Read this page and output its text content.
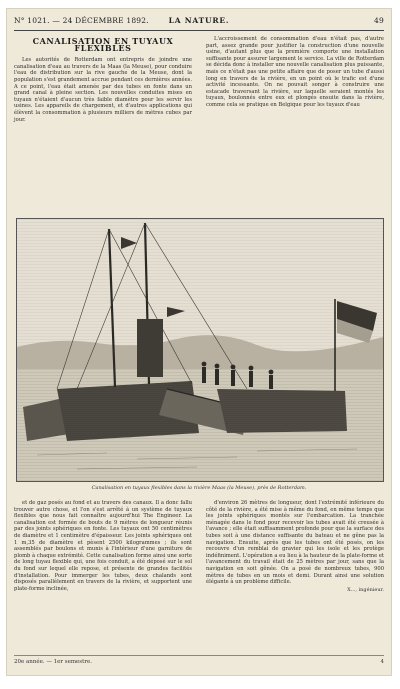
N° 1021. — 24 DÉCEMBRE 1892.	LA NATURE.	49
CANALISATION EN TUYAUX FLEXIBLES

Les autorités de Rotterdam ont entrepris de joindre une canalisation d'eau au travers de la Maas (la Meuse), pour conduire l'eau de distribution sur la rive gauche de la Meuse, dont la population s'est grandement accrue pendant ces dernières années. A ce point, l'eau était amenée par des tubes en fonte dans un grand canal à pleine section. Les nouvelles conduites mises en tuyaux n'étaient d'aucun très faible diamètre pour les servir les usines. Les appareils de chargement, et d'autres applications qui élèvent la consommation à plusieurs milliers de mètres cubes par jour.

L'accroissement de consommation d'eau n'était pas, d'autre part, assez grande pour justifier la construction d'une nouvelle usine, d'autant plus que la première comporte une installation suffisante pour assurer largement le service. La ville de Rotterdam se décida donc à installer une nouvelle canalisation plus puissante, mais ce n'était pas une petite affaire que de poser un tube d'aussi long en travers de la rivière, en un point où le trafic est d'une activité incessante. On ne pouvait songer à construire une estacade traversant la rivière, sur laquelle seraient montés les tuyaux, boulonnés entre eux et plongés ensuite dans la rivière, comme cela se pratique en Belgique pour les tuyaux d'eau

Canalisation en tuyaux flexibles dans la rivière Maas (la Meuse), près de Rotterdam.

et de gaz posés au fond et au travers des canaux. Il a donc fallu trouver autre chose, et l'on s'est arrêté à un système de tuyaux flexibles que nous fait connaître aujourd'hui The Engineer. La canalisation est formée de bouts de 9 mètres de longueur réunis par des joints sphériques en fonte. Les tuyaux ont 50 centimètres de diamètre et 1 centimètre d'épaisseur. Les joints sphériques ont 1 m,35 de diamètre et pèsent 2500 kilogrammes ; ils sont assemblés par boulons et munis à l'intérieur d'une garniture de plomb à chaque extrémité. Cette canalisation forme ainsi une sorte de long tuyau flexible qui, une fois conduit, a été déposé sur le sol du fond sur lequel elle repose, et présente de grandes facilités d'installation. Pour immerger les tubes, deux chalands sont disposés parallèlement en travers de la rivière, et supportent une plate-forme inclinée,

d'environ 26 mètres de longueur, dont l'extrémité inférieure du côté de la rivière, a été mise à même du fond, en même temps que les joints sphériques montés sur l'embarcation. La tranchée ménagée dans le fond pour recevoir les tubes avait été creusée à l'avance ; elle était suffisamment profonde pour que la surface des tubes soit à une distance suffisante du bateau et ne gêne pas la navigation. Ensuite, après que les tubes ont été posés, on les recouvre d'un remblai de gravier qui les isole et les protège indéfiniment. L'opération a eu lieu à la hauteur de la plate-forme et l'avancement du travail était de 25 mètres par jour, sans que la navigation en soit gênée. On a posé de nombreux tubes, 900 mètres de tubes en un mois et demi. Durant ainsi une solution élégante à un problème difficile.

X..., ingénieur.
20e année. — 1er semestre.	4
